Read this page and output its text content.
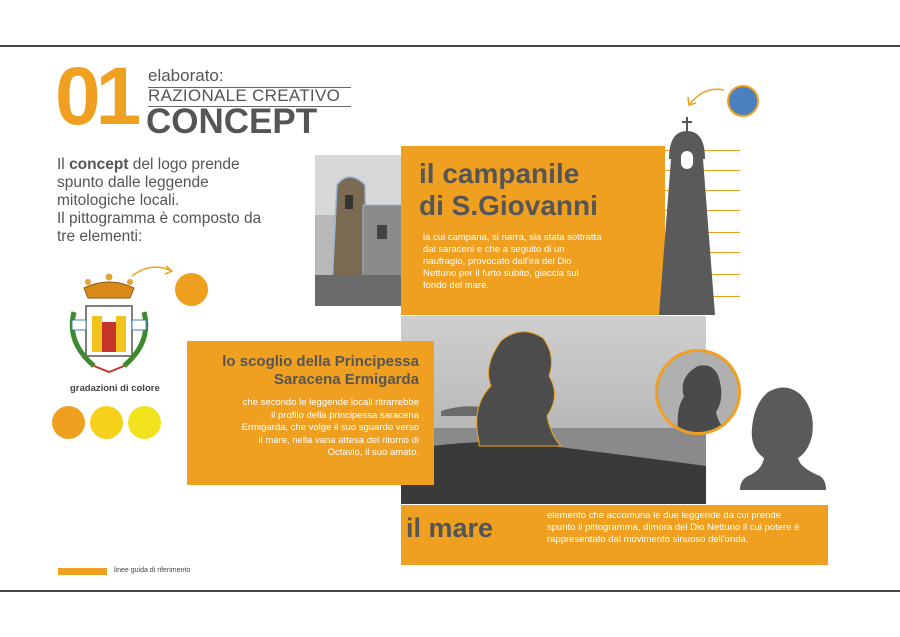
01 elaborato:
RAZIONALE CREATIVO
CONCEPT
Il concept del logo prende spunto dalle leggende mitologiche locali.
Il pittogramma è composto da tre elementi:
gradazioni di colore
il campanile
di S.Giovanni
la cui campana, si narra, sia stata sottratta dai saraceni e che a seguito di un naufragio, provocato dall'ira del Dio Nettuno per il furto subito, giaccia sul fondo del mare.
lo scoglio della Principessa
Saracena Ermigarda
che secondo le leggende locali ritrarrebbe il profilo della principessa saracena Ermigarda, che volge il suo sguardo verso il mare, nella vana attesa del ritorno di Octavio, il suo amato.
il mare	elemento che accomuna le due leggende da cui prende spunto il pittogramma, dimora del Dio Nettuno il cui potere è rappresentato dal movimento sinuoso dell'onda.
linee guida di riferimento
